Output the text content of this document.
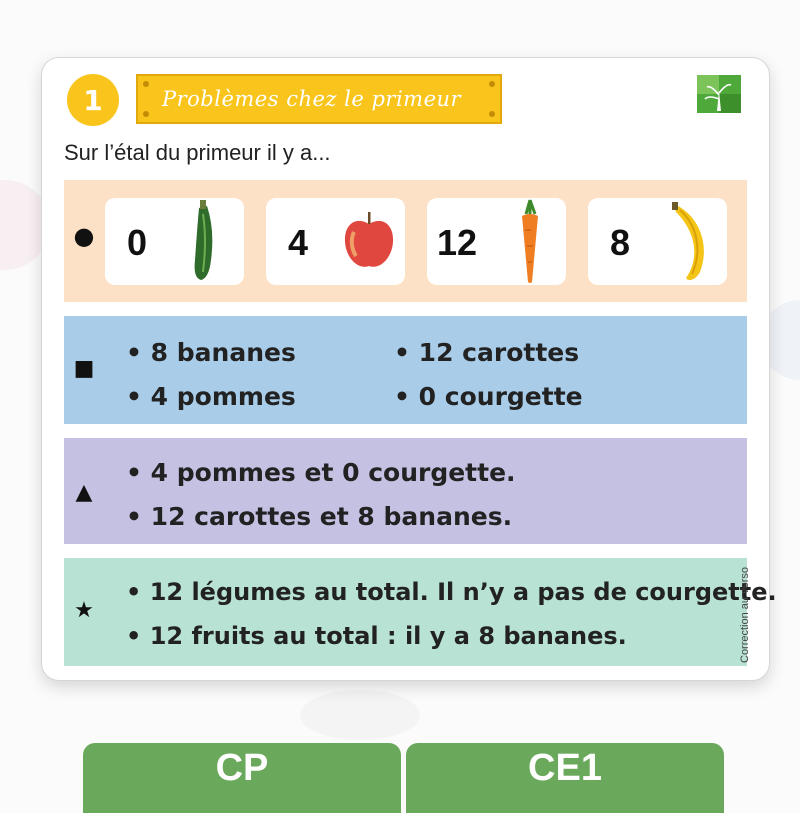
1	Problèmes chez le primeur
Sur l’étal du primeur il y a...
● 0	4	12	8
■
• 8 bananes	• 12 carottes
• 4 pommes	• 0 courgette
▲
• 4 pommes et 0 courgette.
• 12 carottes et 8 bananes.
★
• 12 légumes au total. Il n’y a pas de courgette.
• 12 fruits au total : il y a 8 bananes.	Correction au verso
CP	CE1
